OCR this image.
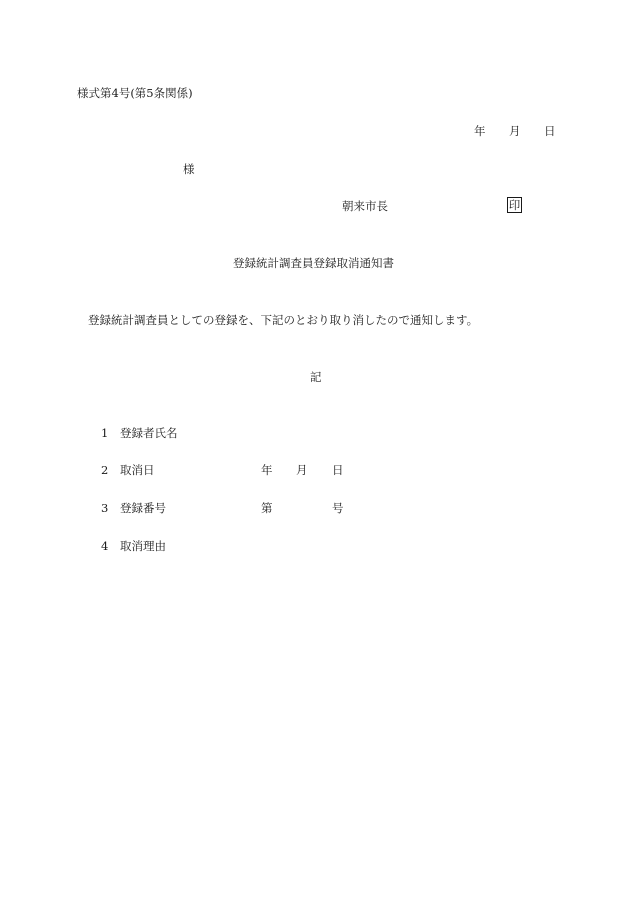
様式第4号(第5条関係)
年 月 日
様
朝来市長	印
登録統計調査員登録取消通知書
登録統計調査員としての登録を、下記のとおり取り消したので通知します。
記
1 登録者氏名
2 取消日	年 月 日
3 登録番号	第	号
4 取消理由
